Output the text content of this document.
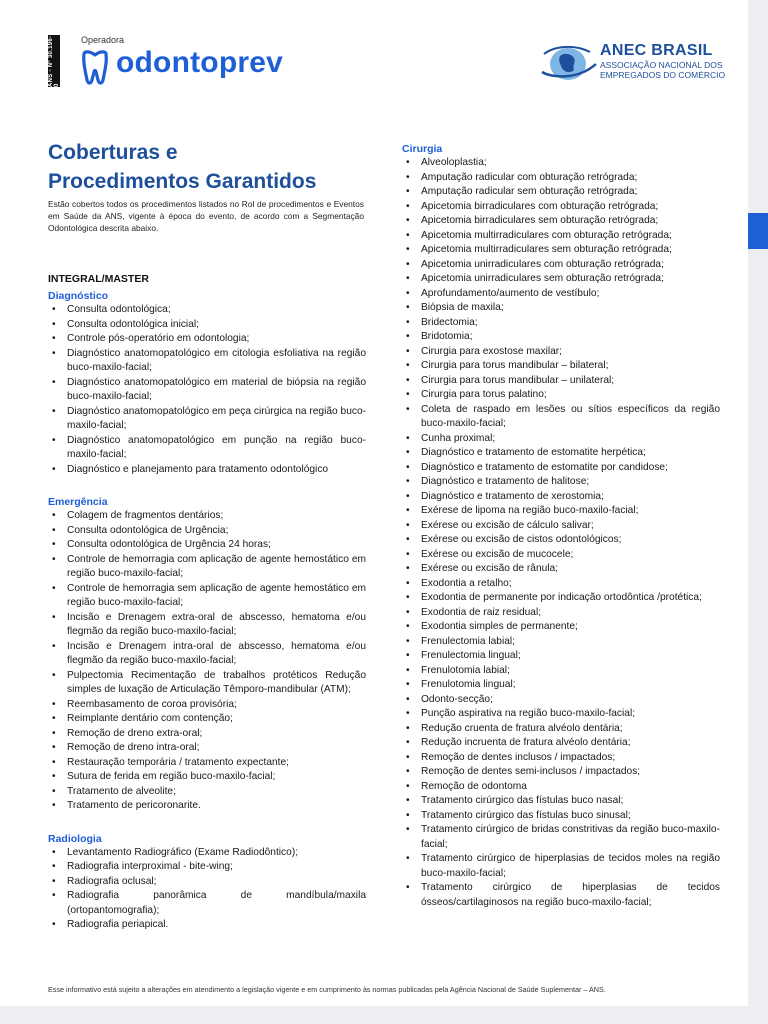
ANS - Nº 30.196-0
Operadora
odontoprev	ANEC BRASIL
ASSOCIAÇÃO NACIONAL DOS
EMPREGADOS DO COMÉRCIO
Coberturas e
Procedimentos Garantidos
Estão cobertos todos os procedimentos listados no Rol de procedimentos e Eventos em Saúde da ANS, vigente à época do evento, de acordo com a Segmentação Odontológica descrita abaixo.
INTEGRAL/MASTER
Diagnóstico
• Consulta odontológica;
• Consulta odontológica inicial;
• Controle pós-operatório em odontologia;
• Diagnóstico anatomopatológico em citologia esfoliativa na região buco-maxilo-facial;
• Diagnóstico anatomopatológico em material de biópsia na região buco-maxilo-facial;
• Diagnóstico anatomopatológico em peça cirúrgica na região buco-maxilo-facial;
• Diagnóstico anatomopatológico em punção na região buco-maxilo-facial;
• Diagnóstico e planejamento para tratamento odontológico
Emergência
• Colagem de fragmentos dentários;
• Consulta odontológica de Urgência;
• Consulta odontológica de Urgência 24 horas;
• Controle de hemorragia com aplicação de agente hemostático em região buco-maxilo-facial;
• Controle de hemorragia sem aplicação de agente hemostático em região buco-maxilo-facial;
• Incisão e Drenagem extra-oral de abscesso, hematoma e/ou flegmão da região buco-maxilo-facial;
• Incisão e Drenagem intra-oral de abscesso, hematoma e/ou flegmão da região buco-maxilo-facial;
• Pulpectomia Recimentação de trabalhos protéticos Redução simples de luxação de Articulação Têmporo-mandibular (ATM);
• Reembasamento de coroa provisória;
• Reimplante dentário com contenção;
• Remoção de dreno extra-oral;
• Remoção de dreno intra-oral;
• Restauração temporária / tratamento expectante;
• Sutura de ferida em região buco-maxilo-facial;
• Tratamento de alveolite;
• Tratamento de pericoronarite.
Radiologia
• Levantamento Radiográfico (Exame Radiodôntico);
• Radiografia interproximal - bite-wing;
• Radiografia oclusal;
• Radiografia panorâmica de mandíbula/maxila (ortopantomografia);
• Radiografia periapical.
Cirurgia
• Alveoloplastia;
• Amputação radicular com obturação retrógrada;
• Amputação radicular sem obturação retrógrada;
• Apicetomia birradiculares com obturação retrógrada;
• Apicetomia birradiculares sem obturação retrógrada;
• Apicetomia multirradiculares com obturação retrógrada;
• Apicetomia multirradiculares sem obturação retrógrada;
• Apicetomia unirradiculares com obturação retrógrada;
• Apicetomia unirradiculares sem obturação retrógrada;
• Aprofundamento/aumento de vestíbulo;
• Biópsia de maxila;
• Bridectomia;
• Bridotomia;
• Cirurgia para exostose maxilar;
• Cirurgia para torus mandibular – bilateral;
• Cirurgia para torus mandibular – unilateral;
• Cirurgia para torus palatino;
• Coleta de raspado em lesões ou sítios específicos da região buco-maxilo-facial;
• Cunha proximal;
• Diagnóstico e tratamento de estomatite herpética;
• Diagnóstico e tratamento de estomatite por candidose;
• Diagnóstico e tratamento de halitose;
• Diagnóstico e tratamento de xerostomia;
• Exérese de lipoma na região buco-maxilo-facial;
• Exérese ou excisão de cálculo salivar;
• Exérese ou excisão de cistos odontológicos;
• Exérese ou excisão de mucocele;
• Exérese ou excisão de rânula;
• Exodontia a retalho;
• Exodontia de permanente por indicação ortodôntica /protética;
• Exodontia de raiz residual;
• Exodontia simples de permanente;
• Frenulectomia labial;
• Frenulectomia lingual;
• Frenulotomia labial;
• Frenulotomia lingual;
• Odonto-secção;
• Punção aspirativa na região buco-maxilo-facial;
• Redução cruenta de fratura alvéolo dentária;
• Redução incruenta de fratura alvéolo dentária;
• Remoção de dentes inclusos / impactados;
• Remoção de dentes semi-inclusos / impactados;
• Remoção de odontoma
• Tratamento cirúrgico das fístulas buco nasal;
• Tratamento cirúrgico das fístulas buco sinusal;
• Tratamento cirúrgico de bridas constritivas da região buco-maxilo-facial;
• Tratamento cirúrgico de hiperplasias de tecidos moles na região buco-maxilo-facial;
• Tratamento cirúrgico de hiperplasias de tecidos ósseos/cartilaginosos na região buco-maxilo-facial;
Esse informativo está sujeito a alterações em atendimento a legislação vigente e em cumprimento às normas publicadas pela Agência Nacional de Saúde Suplementar – ANS.
